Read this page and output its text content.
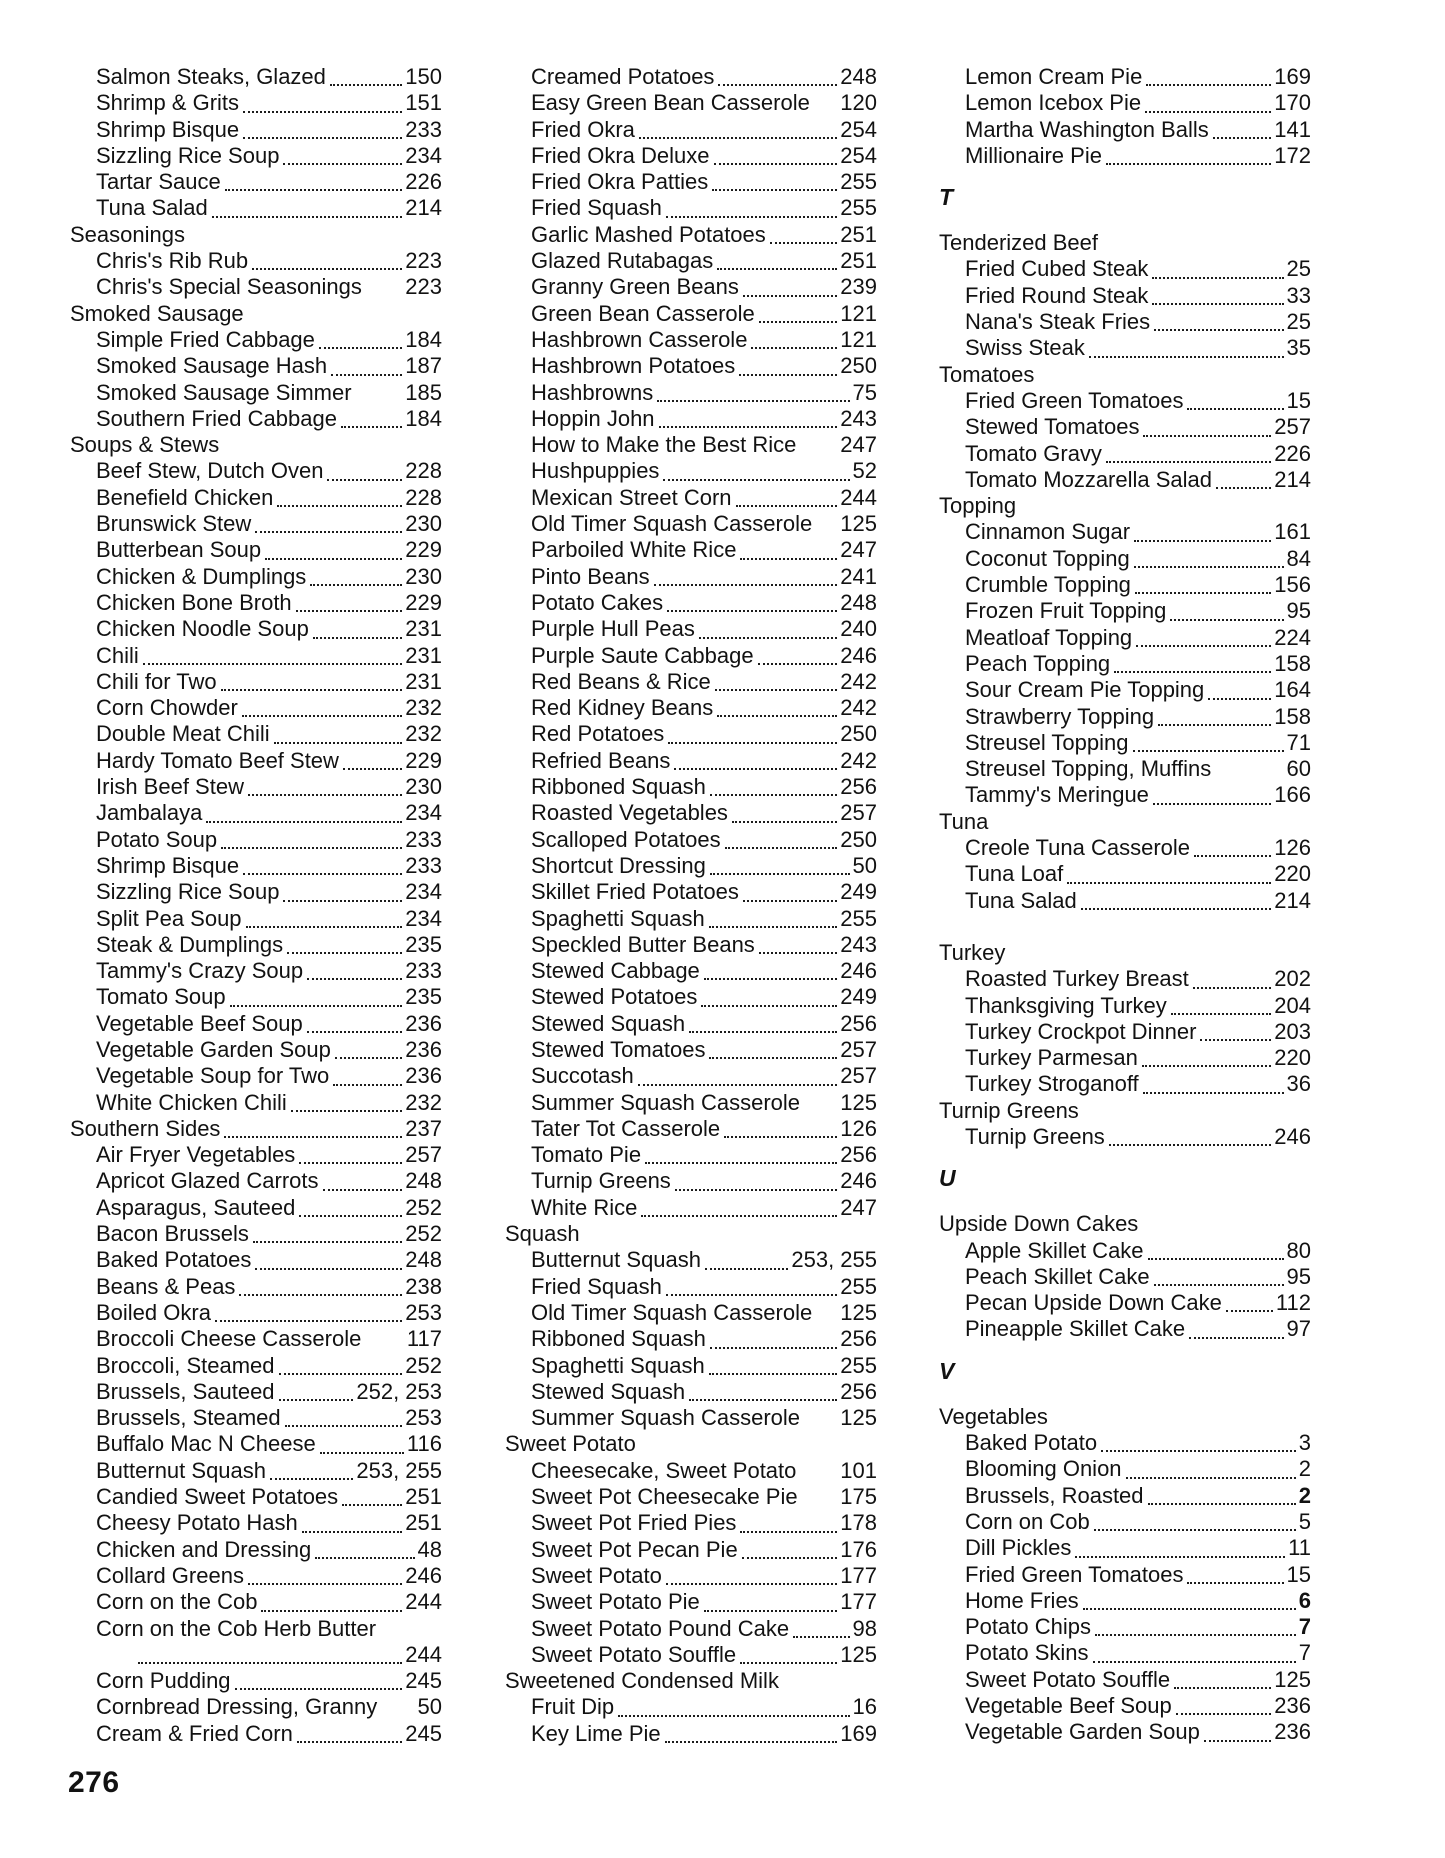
Salmon Steaks, Glazed	150
Shrimp & Grits	151
Shrimp Bisque	233
Sizzling Rice Soup	234
Tartar Sauce	226
Tuna Salad	214
Seasonings
Chris's Rib Rub	223
Chris's Special Seasonings 223
Smoked Sausage
Simple Fried Cabbage	184
Smoked Sausage Hash	187
Smoked Sausage Simmer 185
Southern Fried Cabbage	184
Soups & Stews
Beef Stew, Dutch Oven	228
Benefield Chicken	228
Brunswick Stew	230
Butterbean Soup	229
Chicken & Dumplings	230
Chicken Bone Broth	229
Chicken Noodle Soup	231
Chili	231
Chili for Two	231
Corn Chowder	232
Double Meat Chili	232
Hardy Tomato Beef Stew	229
Irish Beef Stew	230
Jambalaya	234
Potato Soup	233
Shrimp Bisque	233
Sizzling Rice Soup	234
Split Pea Soup	234
Steak & Dumplings	235
Tammy's Crazy Soup	233
Tomato Soup	235
Vegetable Beef Soup	236
Vegetable Garden Soup	236
Vegetable Soup for Two	236
White Chicken Chili	232
Southern Sides	237
Air Fryer Vegetables	257
Apricot Glazed Carrots	248
Asparagus, Sauteed	252
Bacon Brussels	252
Baked Potatoes	248
Beans & Peas	238
Boiled Okra	253
Broccoli Cheese Casserole 117
Broccoli, Steamed	252
Brussels, Sauteed	252, 253
Brussels, Steamed	253
Buffalo Mac N Cheese	116
Butternut Squash	253, 255
Candied Sweet Potatoes	251
Cheesy Potato Hash	251
Chicken and Dressing	48
Collard Greens	246
Corn on the Cob	244
Corn on the Cob Herb Butter
244
Corn Pudding	245
Cornbread Dressing, Granny 50
Cream & Fried Corn	245
Creamed Potatoes	248
Easy Green Bean Casserole 120
Fried Okra	254
Fried Okra Deluxe	254
Fried Okra Patties	255
Fried Squash	255
Garlic Mashed Potatoes	251
Glazed Rutabagas	251
Granny Green Beans	239
Green Bean Casserole	121
Hashbrown Casserole	121
Hashbrown Potatoes	250
Hashbrowns	75
Hoppin John	243
How to Make the Best Rice 247
Hushpuppies	52
Mexican Street Corn	244
Old Timer Squash Casserole 125
Parboiled White Rice	247
Pinto Beans	241
Potato Cakes	248
Purple Hull Peas	240
Purple Saute Cabbage	246
Red Beans & Rice	242
Red Kidney Beans	242
Red Potatoes	250
Refried Beans	242
Ribboned Squash	256
Roasted Vegetables	257
Scalloped Potatoes	250
Shortcut Dressing	50
Skillet Fried Potatoes	249
Spaghetti Squash	255
Speckled Butter Beans	243
Stewed Cabbage	246
Stewed Potatoes	249
Stewed Squash	256
Stewed Tomatoes	257
Succotash	257
Summer Squash Casserole 125
Tater Tot Casserole	126
Tomato Pie	256
Turnip Greens	246
White Rice	247
Squash
Butternut Squash	253, 255
Fried Squash	255
Old Timer Squash Casserole 125
Ribboned Squash	256
Spaghetti Squash	255
Stewed Squash	256
Summer Squash Casserole 125
Sweet Potato
Cheesecake, Sweet Potato 101
Sweet Pot Cheesecake Pie 175
Sweet Pot Fried Pies	178
Sweet Pot Pecan Pie	176
Sweet Potato	177
Sweet Potato Pie	177
Sweet Potato Pound Cake	98
Sweet Potato Souffle	125
Sweetened Condensed Milk
Fruit Dip	16
Key Lime Pie	169
Lemon Cream Pie	169
Lemon Icebox Pie	170
Martha Washington Balls	141
Millionaire Pie	172
T
Tenderized Beef
Fried Cubed Steak	25
Fried Round Steak	33
Nana's Steak Fries	25
Swiss Steak	35
Tomatoes
Fried Green Tomatoes	15
Stewed Tomatoes	257
Tomato Gravy	226
Tomato Mozzarella Salad	214
Topping
Cinnamon Sugar	161
Coconut Topping	84
Crumble Topping	156
Frozen Fruit Topping	95
Meatloaf Topping	224
Peach Topping	158
Sour Cream Pie Topping	164
Strawberry Topping	158
Streusel Topping	71
Streusel Topping, Muffins	60
Tammy's Meringue	166
Tuna
Creole Tuna Casserole	126
Tuna Loaf	220
Tuna Salad	214
Turkey
Roasted Turkey Breast	202
Thanksgiving Turkey	204
Turkey Crockpot Dinner	203
Turkey Parmesan	220
Turkey Stroganoff	36
Turnip Greens
Turnip Greens	246
U
Upside Down Cakes
Apple Skillet Cake	80
Peach Skillet Cake	95
Pecan Upside Down Cake 112
Pineapple Skillet Cake	97
V
Vegetables
Baked Potato	3
Blooming Onion	2
Brussels, Roasted	2
Corn on Cob	5
Dill Pickles	11
Fried Green Tomatoes	15
Home Fries	6
Potato Chips	7
Potato Skins	7
Sweet Potato Souffle	125
Vegetable Beef Soup	236
Vegetable Garden Soup	236
276
